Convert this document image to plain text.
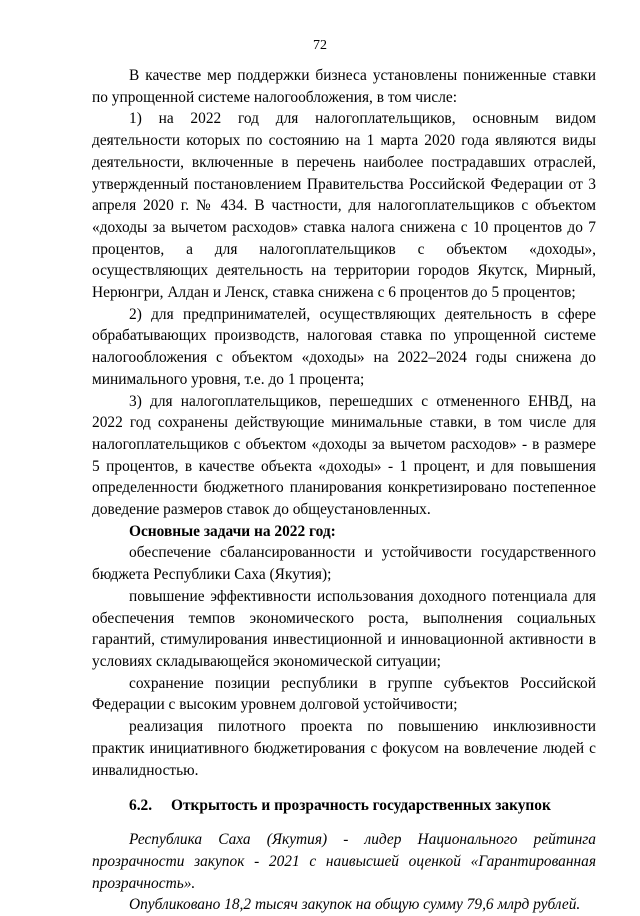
72

В качестве мер поддержки бизнеса установлены пониженные ставки по упрощенной системе налогообложения, в том числе:

1) на 2022 год для налогоплательщиков, основным видом деятельности которых по состоянию на 1 марта 2020 года являются виды деятельности, включенные в перечень наиболее пострадавших отраслей, утвержденный постановлением Правительства Российской Федерации от 3 апреля 2020 г. № 434. В частности, для налогоплательщиков с объектом «доходы за вычетом расходов» ставка налога снижена с 10 процентов до 7 процентов, а для налогоплательщиков с объектом «доходы», осуществляющих деятельность на территории городов Якутск, Мирный, Нерюнгри, Алдан и Ленск, ставка снижена с 6 процентов до 5 процентов;

2) для предпринимателей, осуществляющих деятельность в сфере обрабатывающих производств, налоговая ставка по упрощенной системе налогообложения с объектом «доходы» на 2022–2024 годы снижена до минимального уровня, т.е. до 1 процента;

3) для налогоплательщиков, перешедших с отмененного ЕНВД, на 2022 год сохранены действующие минимальные ставки, в том числе для налогоплательщиков с объектом «доходы за вычетом расходов» - в размере 5 процентов, в качестве объекта «доходы» - 1 процент, и для повышения определенности бюджетного планирования конкретизировано постепенное доведение размеров ставок до общеустановленных.

Основные задачи на 2022 год:

обеспечение сбалансированности и устойчивости государственного бюджета Республики Саха (Якутия);

повышение эффективности использования доходного потенциала для обеспечения темпов экономического роста, выполнения социальных гарантий, стимулирования инвестиционной и инновационной активности в условиях складывающейся экономической ситуации;

сохранение позиции республики в группе субъектов Российской Федерации с высоким уровнем долговой устойчивости;

реализация пилотного проекта по повышению инклюзивности практик инициативного бюджетирования с фокусом на вовлечение людей с инвалидностью.

6.2. Открытость и прозрачность государственных закупок

Республика Саха (Якутия) - лидер Национального рейтинга прозрачности закупок - 2021 с наивысшей оценкой «Гарантированная прозрачность».

Опубликовано 18,2 тысяч закупок на общую сумму 79,6 млрд рублей.
